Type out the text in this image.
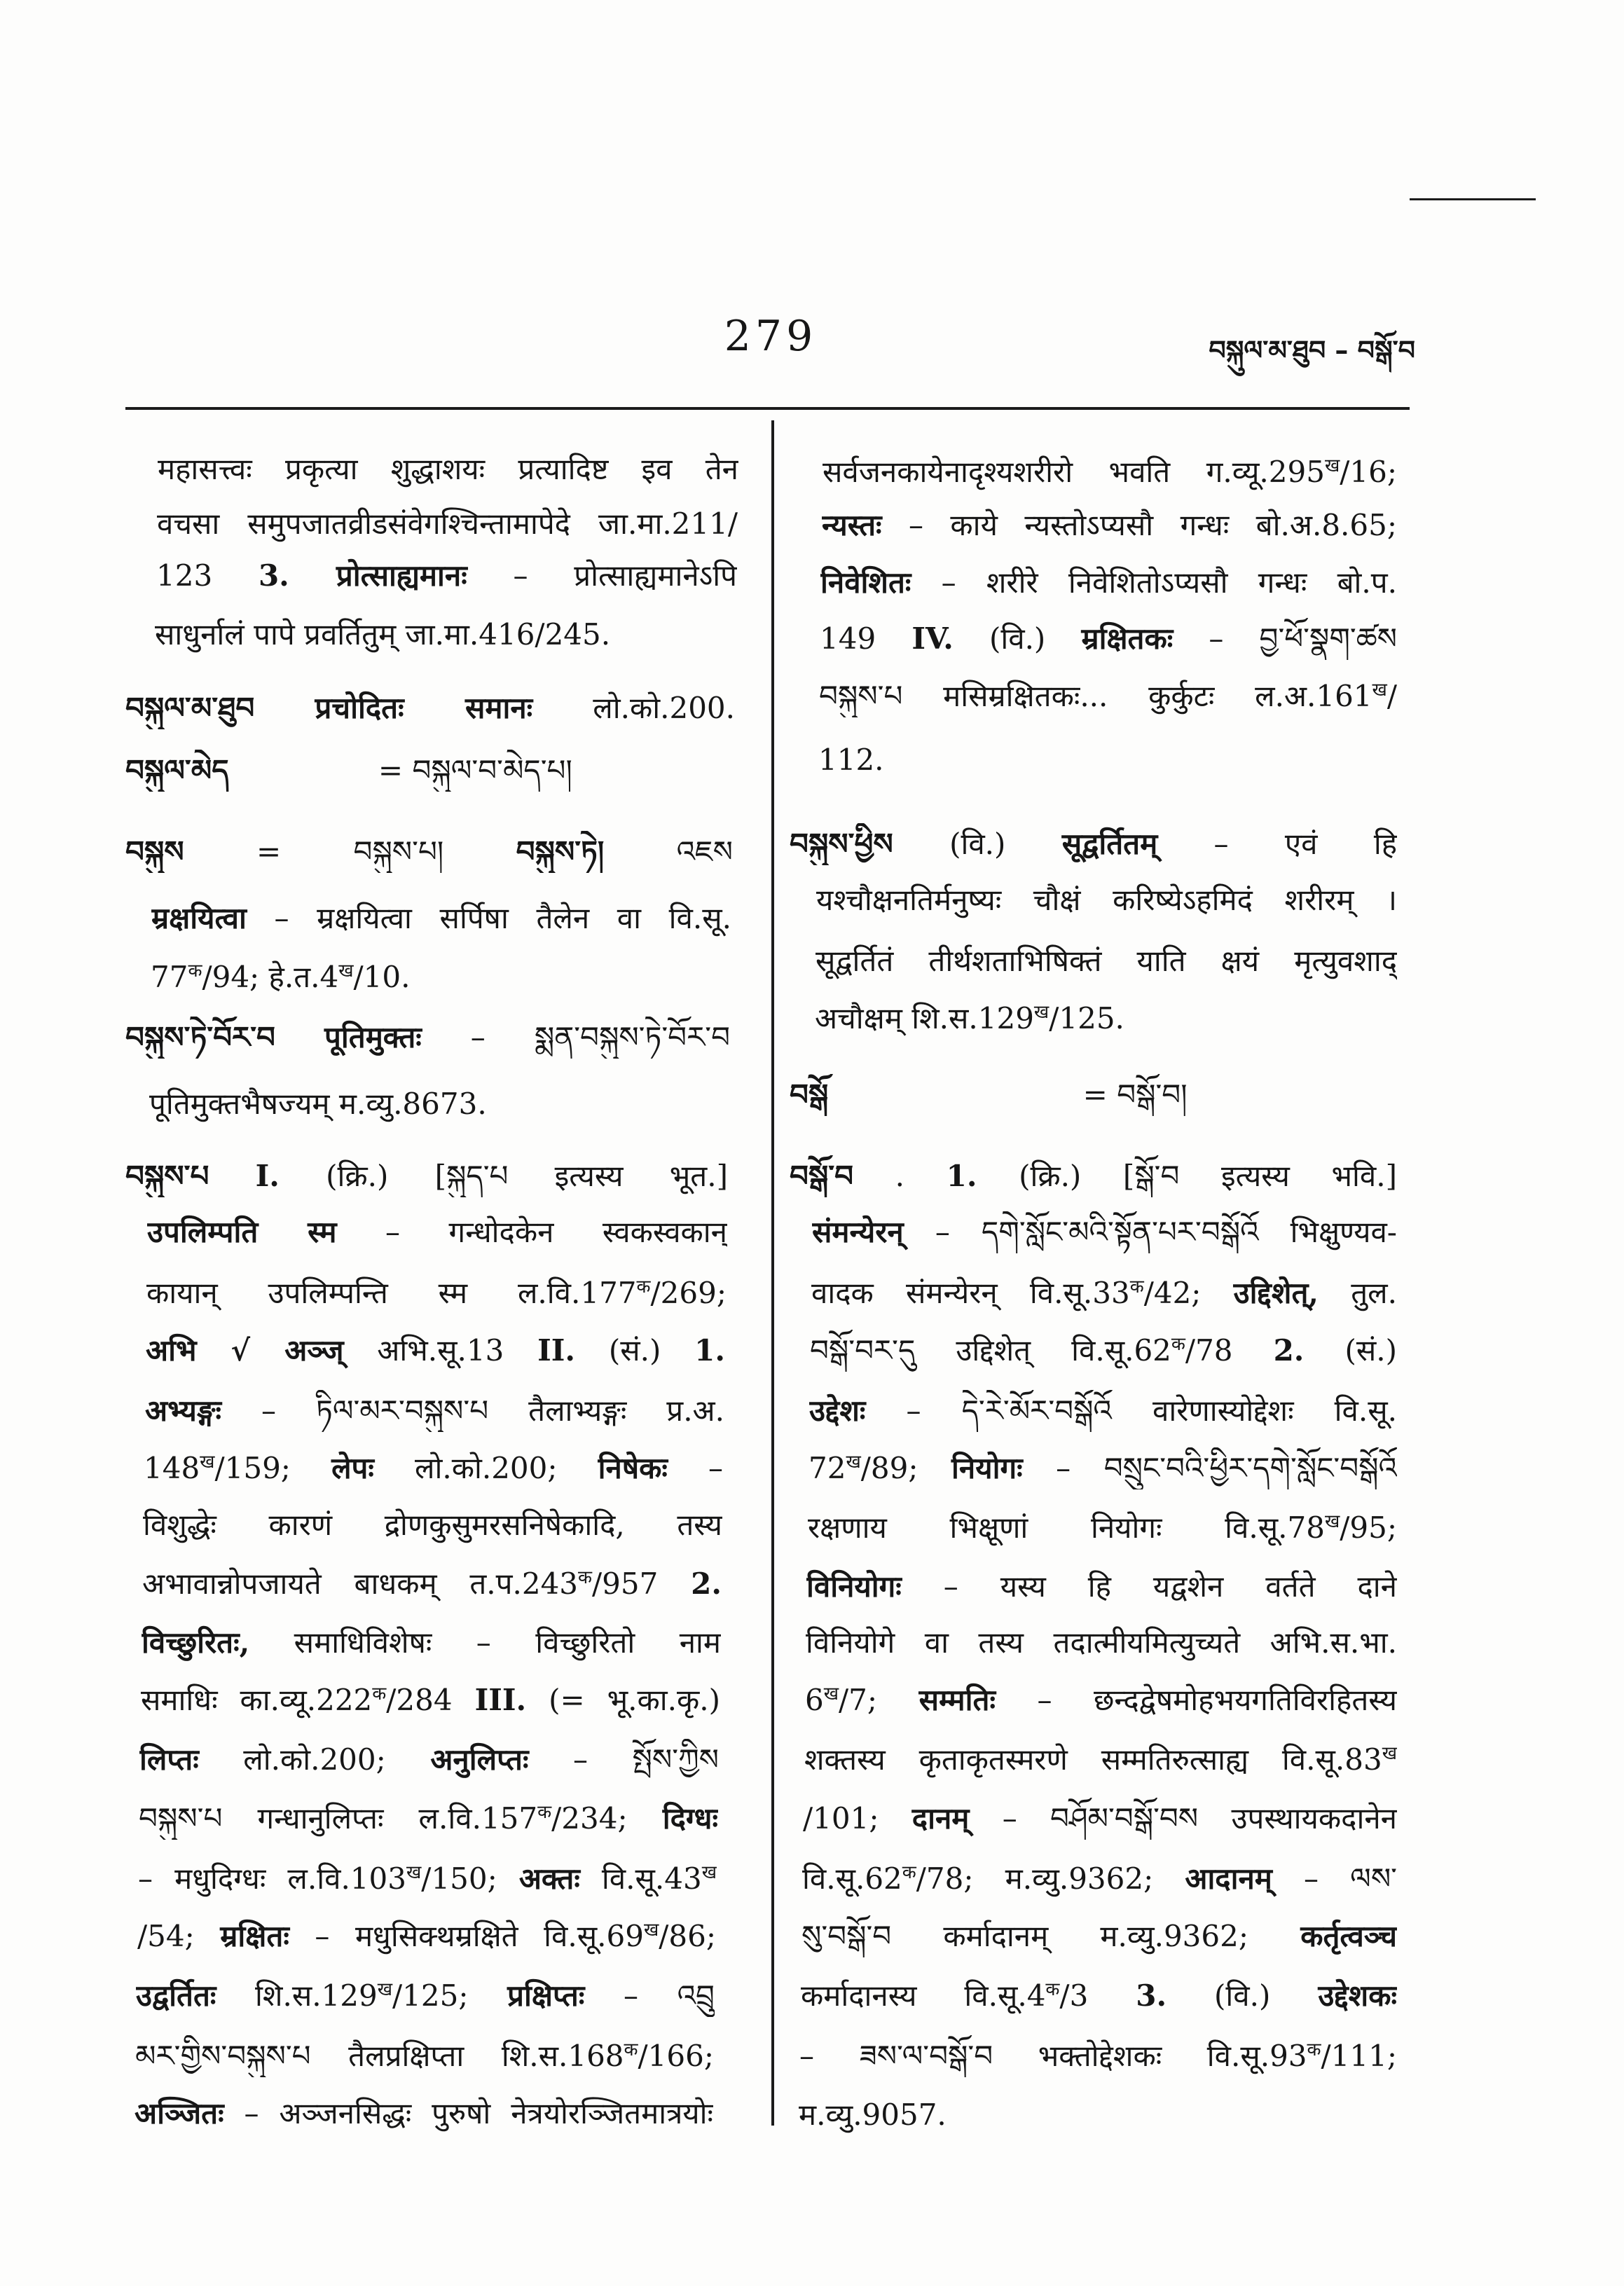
279	བསྐུལ་མ་ཐུབ – བསྒོ་བ
महासत्त्वः प्रकृत्या शुद्धाशयः प्रत्यादिष्ट इव तेन
वचसा समुपजातव्रीडसंवेगश्चिन्तामापेदे जा.मा.211/
123 3. प्रोत्साह्यमानः – प्रोत्साह्यमानेऽपि
साधुर्नालं पापे प्रवर्तितुम् जा.मा.416/245.
བསྐུལ་མ་ཐུབ प्रचोदितः समानः लो.को.200.
བསྐུལ་མེད	= བསྐུལ་བ་མེད་པ།
བསྐུས = བསྐུས་པ། བསྐུས་ཏེ། འཇས
म्रक्षयित्वा – म्रक्षयित्वा सर्पिषा तैलेन वा वि.सू.
$77^क/94$; $हे.त.4^ख/10$.
བསྐུས་ཏེ་བོར་བ पूतिमुक्तः – སྨན་བསྐུས་ཏེ་བོར་བ
पूतिमुक्तभैषज्यम् म.व्यु.8673.
བསྐུས་པ I. (क्रि.) [སྐུད་པ इत्यस्य भूत.]
उपलिम्पति स्म – गन्धोदकेन स्वकस्वकान्
कायान् उपलिम्पन्ति स्म $ल.वि.177^क/269$;
अभि √ अञ्ज् अभि.सू.13 II. (सं.) 1.
अभ्यङ्गः – ཏིལ་མར་བསྐུས་པ तैलाभ्यङ्गः प्र.अ.
$148^ख/159$; लेपः लो.को.200; निषेकः –
विशुद्धेः कारणं द्रोणकुसुमरसनिषेकादि, तस्य
अभावान्नोपजायते बाधकम् $त.प.243^क/957$ 2.
विच्छुरितः, समाधिविशेषः – विच्छुरितो नाम
समाधिः $का.व्यू.222^क/284$ III. (= भू.का.कृ.)
लिप्तः लो.को.200; अनुलिप्तः – སྤོས་ཀྱིས
བསྐུས་པ गन्धानुलिप्तः $ल.वि.157^क/234$; दिग्धः
– मधुदिग्धः $ल.वि.103^ख/150$; अक्तः $वि.सू.43^ख$
/54; म्रक्षितः – मधुसिक्थम्रक्षिते $वि.सू.69^ख/86$;
उद्वर्तितः $शि.स.129^ख/125$; प्रक्षिप्तः – འབྲུ
མར་གྱིས་བསྐུས་པ तैलप्रक्षिप्ता $शि.स.168^क/166$;
अञ्जितः – अञ्जनसिद्धः पुरुषो नेत्रयोरञ्जितमात्रयोः
सर्वजनकायेनादृश्यशरीरो भवति $ग.व्यू.295^ख/16$;
न्यस्तः – काये न्यस्तोऽप्यसौ गन्धः बो.अ.8.65;
निवेशितः – शरीरे निवेशितोऽप्यसौ गन्धः बो.प.
149 IV. (वि.) म्रक्षितकः – བྱ་ཕོ་སྣག་ཚས
བསྐུས་པ मसिम्रक्षितकः... कुर्कुटः $ल.अ.161^ख/$
112.
བསྐུས་ཕྱིས (वि.) सूद्वर्तितम् – एवं हि
यश्चौक्षनतिर्मनुष्यः चौक्षं करिष्येऽहमिदं शरीरम् ।
सूद्वर्तितं तीर्थशताभिषिक्तं याति क्षयं मृत्युवशाद्
अचौक्षम् $शि.स.129^ख/125$.
བསྒོ	= བསྒོ་བ།
བསྒོ་བ . 1. (क्रि.) [སྒོ་བ इत्यस्य भवि.]
संमन्येरन् – དགེ་སློང་མའི་སྟོན་པར་བསྒོའོ भिक्षुण्यव-
वादक संमन्येरन् $वि.सू.33^क/42$; उद्दिशेत्, तुल.
བསྒོ་བར་དུ उद्दिशेत् $वि.सू.62^क/78$ 2. (सं.)
उद्देशः – དེ་རེ་མོར་བསྒོའོ वारेणास्योद्देशः वि.सू.
$72^ख/89$; नियोगः – བསྲུང་བའི་ཕྱིར་དགེ་སློང་བསྒོའོ
रक्षणाय भिक्षूणां नियोगः $वि.सू.78^ख/95$;
विनियोगः – यस्य हि यद्वशेन वर्तते दाने
विनियोगे वा तस्य तदात्मीयमित्युच्यते अभि.स.भा.
$6^ख/7$; सम्मतिः – छन्दद्वेषमोहभयगतिविरहितस्य
शक्तस्य कृताकृतस्मरणे सम्मतिरुत्साह्य $वि.सू.83^ख$
/101; दानम् – བཤོམ་བསྒོ་བས उपस्थायकदानेन
$वि.सू.62^क/78$; म.व्यु.9362; आदानम् – ལས་
སུ་བསྒོ་བ कर्मादानम् म.व्यु.9362; कर्तृत्वञ्च
कर्मादानस्य $वि.सू.4^क/3$ 3. (वि.) उद्देशकः
– ཟས་ལ་བསྒོ་བ भक्तोद्देशकः $वि.सू.93^क/111$;
म.व्यु.9057.
